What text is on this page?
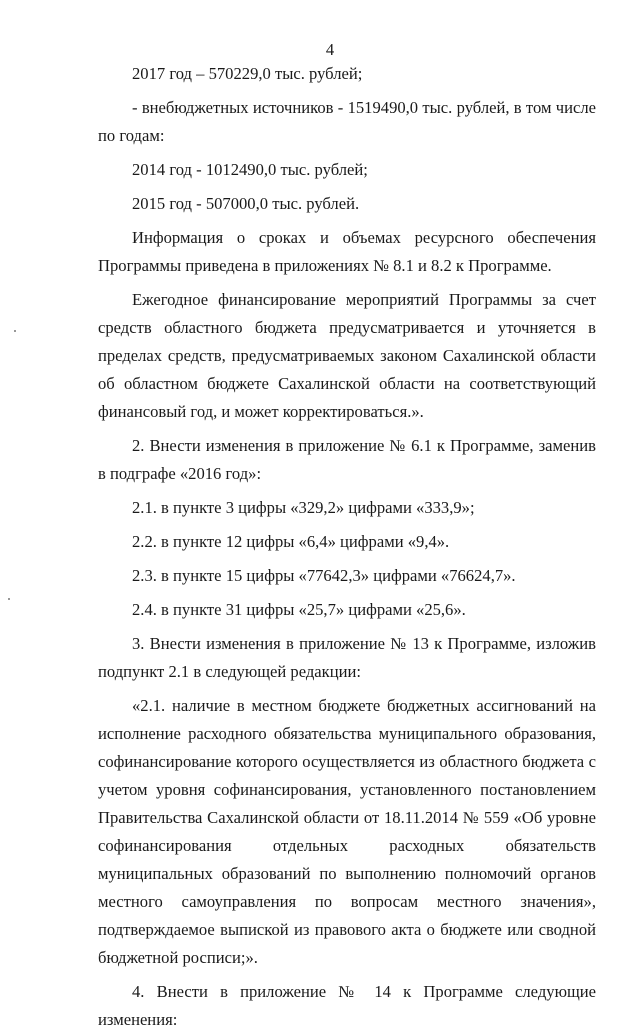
4

2017 год – 570229,0 тыс. рублей;

- внебюджетных источников - 1519490,0 тыс. рублей, в том числе по годам:

2014 год - 1012490,0 тыс. рублей;

2015 год - 507000,0 тыс. рублей.

Информация о сроках и объемах ресурсного обеспечения Программы приведена в приложениях № 8.1 и 8.2 к Программе.

Ежегодное финансирование мероприятий Программы за счет средств областного бюджета предусматривается и уточняется в пределах средств, предусматриваемых законом Сахалинской области об областном бюджете Сахалинской области на соответствующий финансовый год, и может корректироваться.».

2. Внести изменения в приложение № 6.1 к Программе, заменив в подграфе «2016 год»:

2.1. в пункте 3 цифры «329,2» цифрами «333,9»;

2.2. в пункте 12 цифры «6,4» цифрами «9,4».

2.3. в пункте 15 цифры «77642,3» цифрами «76624,7».

2.4. в пункте 31 цифры «25,7» цифрами «25,6».

3. Внести изменения в приложение № 13 к Программе, изложив подпункт 2.1 в следующей редакции:

«2.1. наличие в местном бюджете бюджетных ассигнований на исполнение расходного обязательства муниципального образования, софинансирование которого осуществляется из областного бюджета с учетом уровня софинансирования, установленного постановлением Правительства Сахалинской области от 18.11.2014 № 559 «Об уровне софинансирования отдельных расходных обязательств муниципальных образований по выполнению полномочий органов местного самоуправления по вопросам местного значения», подтверждаемое выпиской из правового акта о бюджете или сводной бюджетной росписи;».

4. Внести в приложение № 14 к Программе следующие изменения:
